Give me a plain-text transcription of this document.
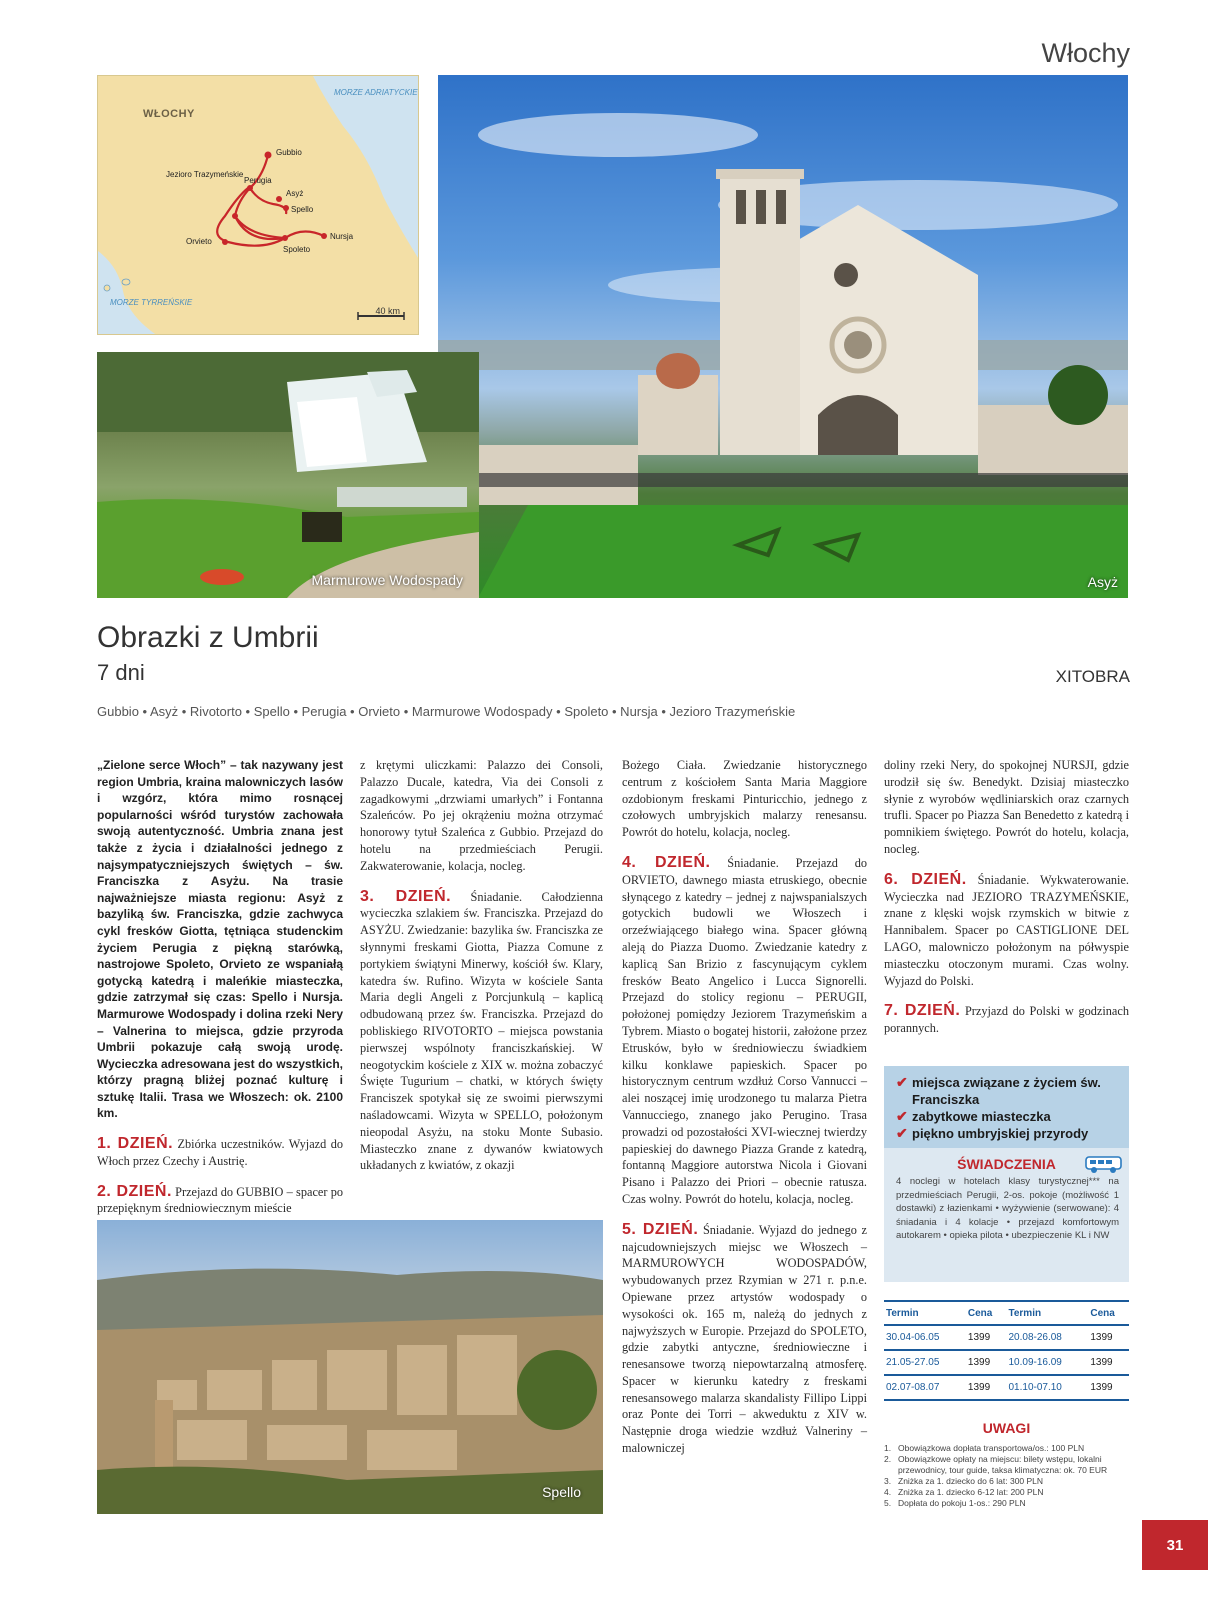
Włochy
WŁOCHY
MORZE ADRIATYCKIE
MORZE TYRREŃSKIE
Gubbio
Jezioro Trazymeńskie
Perugia
Asyż
Spello
Nursja
Orvieto
Spoleto
40 km
Asyż
Marmurowe Wodospady
Obrazki z Umbrii
7 dni	XITOBRA
Gubbio • Asyż • Rivotorto • Spello • Perugia • Orvieto • Marmurowe Wodospady • Spoleto • Nursja • Jezioro Trazymeńskie

„Zielone serce Włoch” – tak nazywany jest region Umbria, kraina malowniczych lasów i wzgórz, która mimo rosnącej popularności wśród turystów zachowała swoją autentyczność. Umbria znana jest także z życia i działalności jednego z najsympatyczniejszych świętych – św. Franciszka z Asyżu. Na trasie najważniejsze miasta regionu: Asyż z bazyliką św. Franciszka, gdzie zachwyca cykl fresków Giotta, tętniąca studenckim życiem Perugia z piękną starówką, nastrojowe Spoleto, Orvieto ze wspaniałą gotycką katedrą i maleńkie miasteczka, gdzie zatrzymał się czas: Spello i Nursja. Marmurowe Wodospady i dolina rzeki Nery – Valnerina to miejsca, gdzie przyroda Umbrii pokazuje całą swoją urodę. Wycieczka adresowana jest do wszystkich, którzy pragną bliżej poznać kulturę i sztukę Italii. Trasa we Włoszech: ok. 2100 km.

1. DZIEŃ. Zbiórka uczestników. Wyjazd do Włoch przez Czechy i Austrię.
2. DZIEŃ. Przejazd do GUBBIO – spacer po przepięknym średniowiecznym mieście

z krętymi uliczkami: Palazzo dei Consoli, Palazzo Ducale, katedra, Via dei Consoli z zagadkowymi „drzwiami umarłych” i Fontanna Szaleńców. Po jej okrążeniu można otrzymać honorowy tytuł Szaleńca z Gubbio. Przejazd do hotelu na przedmieściach Perugii. Zakwaterowanie, kolacja, nocleg.

3. DZIEŃ. Śniadanie. Całodzienna wycieczka szlakiem św. Franciszka. Przejazd do ASYŻU. Zwiedzanie: bazylika św. Franciszka ze słynnymi freskami Giotta, Piazza Comune z portykiem świątyni Minerwy, kościół św. Klary, katedra św. Rufino. Wizyta w kościele Santa Maria degli Angeli z Porcjunkulą – kaplicą odbudowaną przez św. Franciszka. Przejazd do pobliskiego RIVOTORTO – miejsca powstania pierwszej wspólnoty franciszkańskiej. W neogotyckim kościele z XIX w. można zobaczyć Święte Tugurium – chatki, w których święty Franciszek spotykał się ze swoimi pierwszymi naśladowcami. Wizyta w SPELLO, położonym nieopodal Asyżu, na stoku Monte Subasio. Miasteczko znane z dywanów kwiatowych układanych z kwiatów, z okazji

Bożego Ciała. Zwiedzanie historycznego centrum z kościołem Santa Maria Maggiore ozdobionym freskami Pinturicchio, jednego z czołowych umbryjskich malarzy renesansu. Powrót do hotelu, kolacja, nocleg.

4. DZIEŃ. Śniadanie. Przejazd do ORVIETO, dawnego miasta etruskiego, obecnie słynącego z katedry – jednej z najwspanialszych gotyckich budowli we Włoszech i orzeźwiającego białego wina. Spacer główną aleją do Piazza Duomo. Zwiedzanie katedry z kaplicą San Brizio z fascynującym cyklem fresków Beato Angelico i Lucca Signorelli. Przejazd do stolicy regionu – PERUGII, położonej pomiędzy Jeziorem Trazymeńskim a Tybrem. Miasto o bogatej historii, założone przez Etrusków, było w średniowieczu świadkiem kilku konklawe papieskich. Spacer po historycznym centrum wzdłuż Corso Vannucci – alei noszącej imię urodzonego tu malarza Pietra Vannucciego, znanego jako Perugino. Trasa prowadzi od pozostałości XVI-wiecznej twierdzy papieskiej do dawnego Piazza Grande z katedrą, fontanną Maggiore autorstwa Nicola i Giovani Pisano i Palazzo dei Priori – obecnie ratusza. Czas wolny. Powrót do hotelu, kolacja, nocleg.
5. DZIEŃ. Śniadanie. Wyjazd do jednego z najcudowniejszych miejsc we Włoszech – MARMUROWYCH WODOSPADÓW, wybudowanych przez Rzymian w 271 r. p.n.e. Opiewane przez artystów wodospady o wysokości ok. 165 m, należą do jednych z najwyższych w Europie. Przejazd do SPOLETO, gdzie zabytki antyczne, średniowieczne i renesansowe tworzą niepowtarzalną atmosferę. Spacer w kierunku katedry z freskami renesansowego malarza skandalisty Fillipo Lippi oraz Ponte dei Torri – akweduktu z XIV w. Następnie droga wiedzie wzdłuż Valneriny – malowniczej

doliny rzeki Nery, do spokojnej NURSJI, gdzie urodził się św. Benedykt. Dzisiaj miasteczko słynie z wyrobów wędliniarskich oraz czarnych trufli. Spacer po Piazza San Benedetto z katedrą i pomnikiem świętego. Powrót do hotelu, kolacja, nocleg.

6. DZIEŃ. Śniadanie. Wykwaterowanie. Wycieczka nad JEZIORO TRAZYMEŃSKIE, znane z klęski wojsk rzymskich w bitwie z Hannibalem. Spacer po CASTIGLIONE DEL LAGO, malowniczo położonym na półwyspie miasteczku otoczonym murami. Czas wolny. Wyjazd do Polski.
7. DZIEŃ. Przyjazd do Polski w godzinach porannych.
✔ miejsca związane z życiem św. Franciszka
✔ zabytkowe miasteczka
✔ piękno umbryjskiej przyrody
ŚWIADCZENIA
4 noclegi w hotelach klasy turystycznej*** na przedmieściach Perugii, 2-os. pokoje (możliwość 1 dostawki) z łazienkami • wyżywienie (serwowane): 4 śniadania i 4 kolacje • przejazd komfortowym autokarem • opieka pilota • ubezpieczenie KL i NW
Termin	Cena	Termin	Cena
30.04-06.05	1399	20.08-26.08	1399
21.05-27.05	1399	10.09-16.09	1399
02.07-08.07	1399	01.10-07.10	1399
UWAGI
1. Obowiązkowa dopłata transportowa/os.: 100 PLN
2. Obowiązkowe opłaty na miejscu: bilety wstępu, lokalni przewodnicy, tour guide, taksa klimatyczna: ok. 70 EUR
3. Zniżka za 1. dziecko do 6 lat: 300 PLN
4. Zniżka za 1. dziecko 6-12 lat: 200 PLN
5. Dopłata do pokoju 1-os.: 290 PLN
Spello
31
